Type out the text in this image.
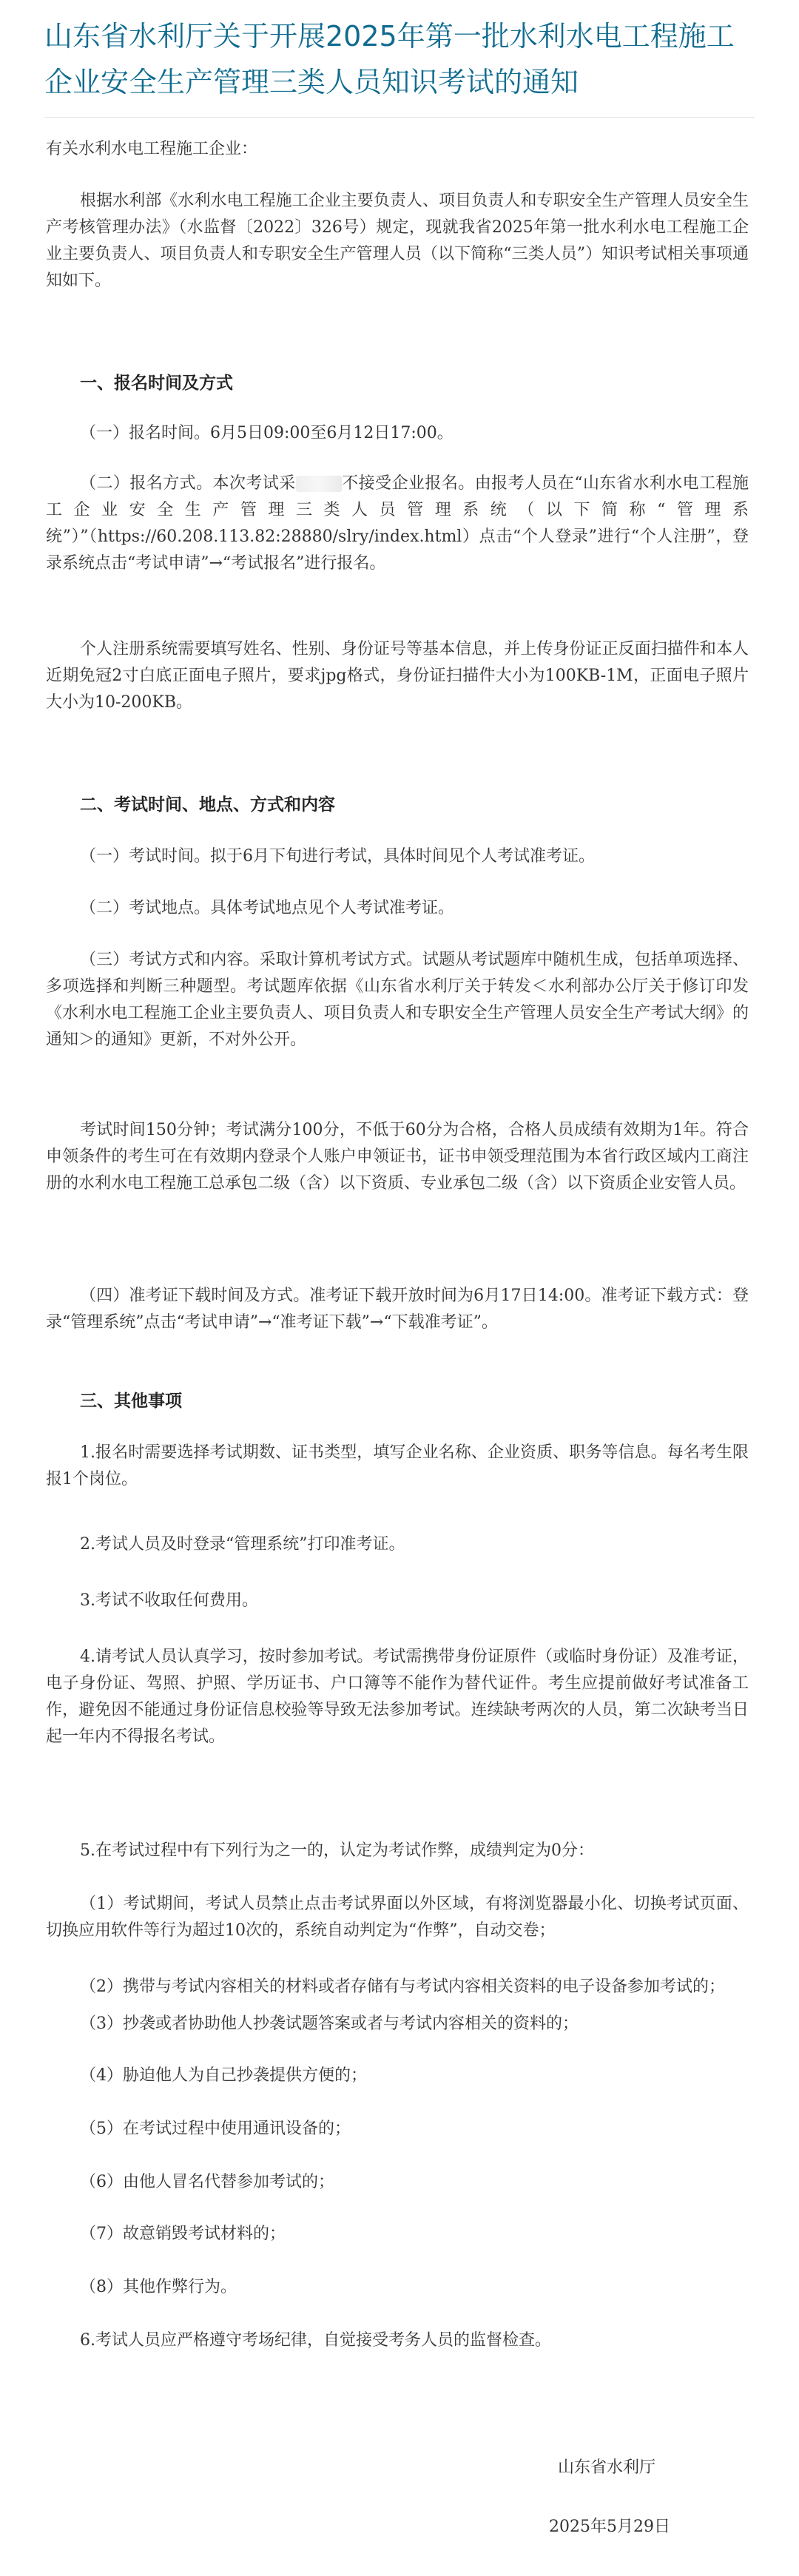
山东省水利厅关于开展2025年第一批水利水电工程施工企业安全生产管理三类人员知识考试的通知

有关水利水电工程施工企业：

根据水利部《水利水电工程施工企业主要负责人、项目负责人和专职安全生产管理人员安全生产考核管理办法》（水监督〔2022〕326号）规定，现就我省2025年第一批水利水电工程施工企业主要负责人、项目负责人和专职安全生产管理人员（以下简称“三类人员”）知识考试相关事项通知如下。

一、报名时间及方式

（一）报名时间。6月5日09:00至6月12日17:00。

（二）报名方式。本次考试采	不接受企业报名。由报考人员在“山东省水利水电工程施工企业安全生产管理三类人员管理系统（以下简称“管理系统”）”（https://60.208.113.82:28880/slry/index.html）点击“个人登录”进行“个人注册”，登录系统点击“考试申请”→“考试报名”进行报名。

个人注册系统需要填写姓名、性别、身份证号等基本信息，并上传身份证正反面扫描件和本人近期免冠2寸白底正面电子照片，要求jpg格式，身份证扫描件大小为100KB-1M，正面电子照片大小为10-200KB。

二、考试时间、地点、方式和内容

（一）考试时间。拟于6月下旬进行考试，具体时间见个人考试准考证。

（二）考试地点。具体考试地点见个人考试准考证。

（三）考试方式和内容。采取计算机考试方式。试题从考试题库中随机生成，包括单项选择、多项选择和判断三种题型。考试题库依据《山东省水利厅关于转发＜水利部办公厅关于修订印发《水利水电工程施工企业主要负责人、项目负责人和专职安全生产管理人员安全生产考试大纲》的通知＞的通知》更新，不对外公开。

考试时间150分钟；考试满分100分，不低于60分为合格，合格人员成绩有效期为1年。符合申领条件的考生可在有效期内登录个人账户申领证书，证书申领受理范围为本省行政区域内工商注册的水利水电工程施工总承包二级（含）以下资质、专业承包二级（含）以下资质企业安管人员。

（四）准考证下载时间及方式。准考证下载开放时间为6月17日14:00。准考证下载方式：登录“管理系统”点击“考试申请”→“准考证下载”→“下载准考证”。

三、其他事项

1.报名时需要选择考试期数、证书类型，填写企业名称、企业资质、职务等信息。每名考生限报1个岗位。

2.考试人员及时登录“管理系统”打印准考证。

3.考试不收取任何费用。

4.请考试人员认真学习，按时参加考试。考试需携带身份证原件（或临时身份证）及准考证，电子身份证、驾照、护照、学历证书、户口簿等不能作为替代证件。考生应提前做好考试准备工作，避免因不能通过身份证信息校验等导致无法参加考试。连续缺考两次的人员，第二次缺考当日起一年内不得报名考试。

5.在考试过程中有下列行为之一的，认定为考试作弊，成绩判定为0分：

（1）考试期间，考试人员禁止点击考试界面以外区域，有将浏览器最小化、切换考试页面、切换应用软件等行为超过10次的，系统自动判定为“作弊”，自动交卷；

（2）携带与考试内容相关的材料或者存储有与考试内容相关资料的电子设备参加考试的；

（3）抄袭或者协助他人抄袭试题答案或者与考试内容相关的资料的；

（4）胁迫他人为自己抄袭提供方便的；

（5）在考试过程中使用通讯设备的；

（6）由他人冒名代替参加考试的；

（7）故意销毁考试材料的；

（8）其他作弊行为。

6.考试人员应严格遵守考场纪律，自觉接受考务人员的监督检查。

山东省水利厅

2025年5月29日
